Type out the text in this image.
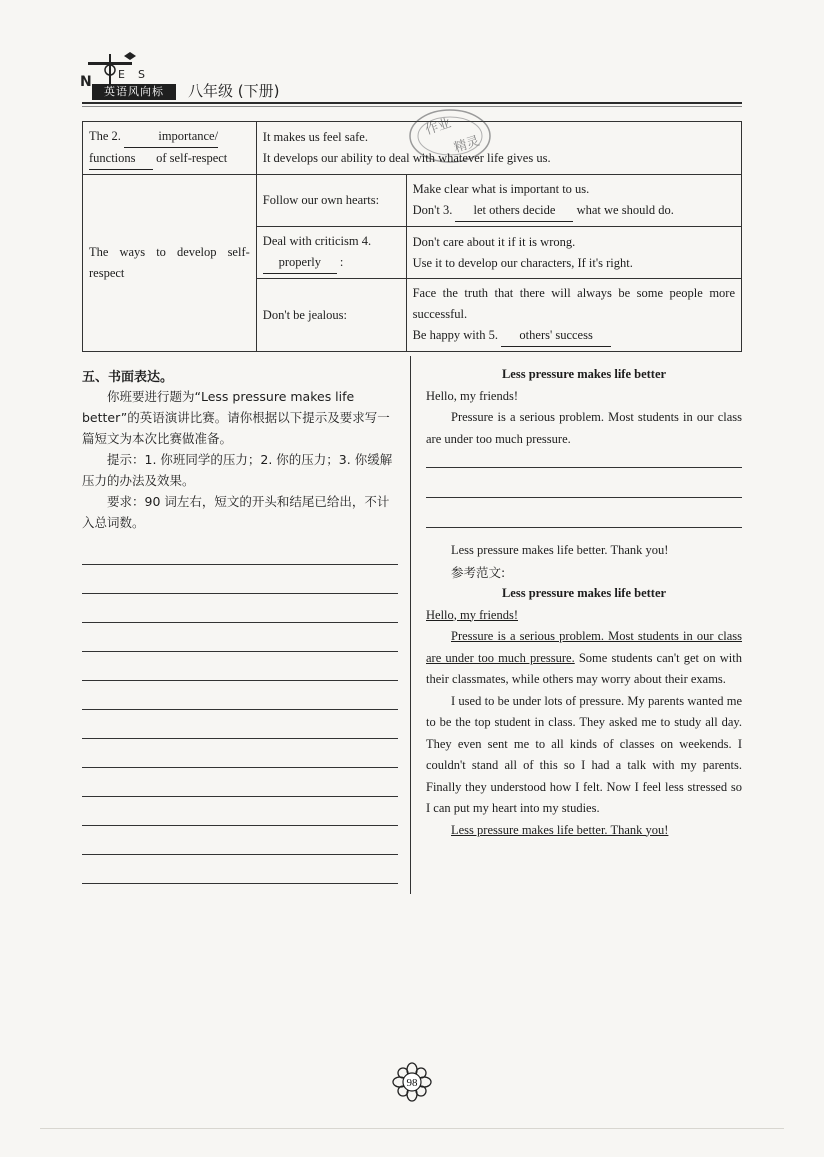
N E S
英语风向标	八年级 (下册)
作业
精灵
The 2. importance/
functions of self-respect	It makes us feel safe.
It develops our ability to deal with whatever life gives us.	
The ways to develop self-respect	Follow our own hearts:	Make clear what is important to us.
Don't 3. let others decide what we should do.
	Deal with criticism 4.
properly :	Don't care about it if it is wrong.
Use it to develop our characters, If it's right.
	Don't be jealous:	Face the truth that there will always be some people more successful.
Be happy with 5. others' success
五、书面表达。

你班要进行题为“Less pressure makes life better”的英语演讲比赛。请你根据以下提示及要求写一篇短文为本次比赛做准备。

提示：1. 你班同学的压力；2. 你的压力；3. 你缓解压力的办法及效果。

要求：90 词左右，短文的开头和结尾已给出，不计入总词数。

Less pressure makes life better

Hello, my friends!

Pressure is a serious problem. Most students in our class are under too much pressure.

Less pressure makes life better. Thank you!

参考范文:

Less pressure makes life better

Hello, my friends!

Pressure is a serious problem. Most students in our class are under too much pressure. Some students can't get on with their classmates, while others may worry about their exams.

I used to be under lots of pressure. My parents wanted me to be the top student in class. They asked me to study all day. They even sent me to all kinds of classes on weekends. I couldn't stand all of this so I had a talk with my parents. Finally they understood how I felt. Now I feel less stressed so I can put my heart into my studies.

Less pressure makes life better. Thank you!

98
